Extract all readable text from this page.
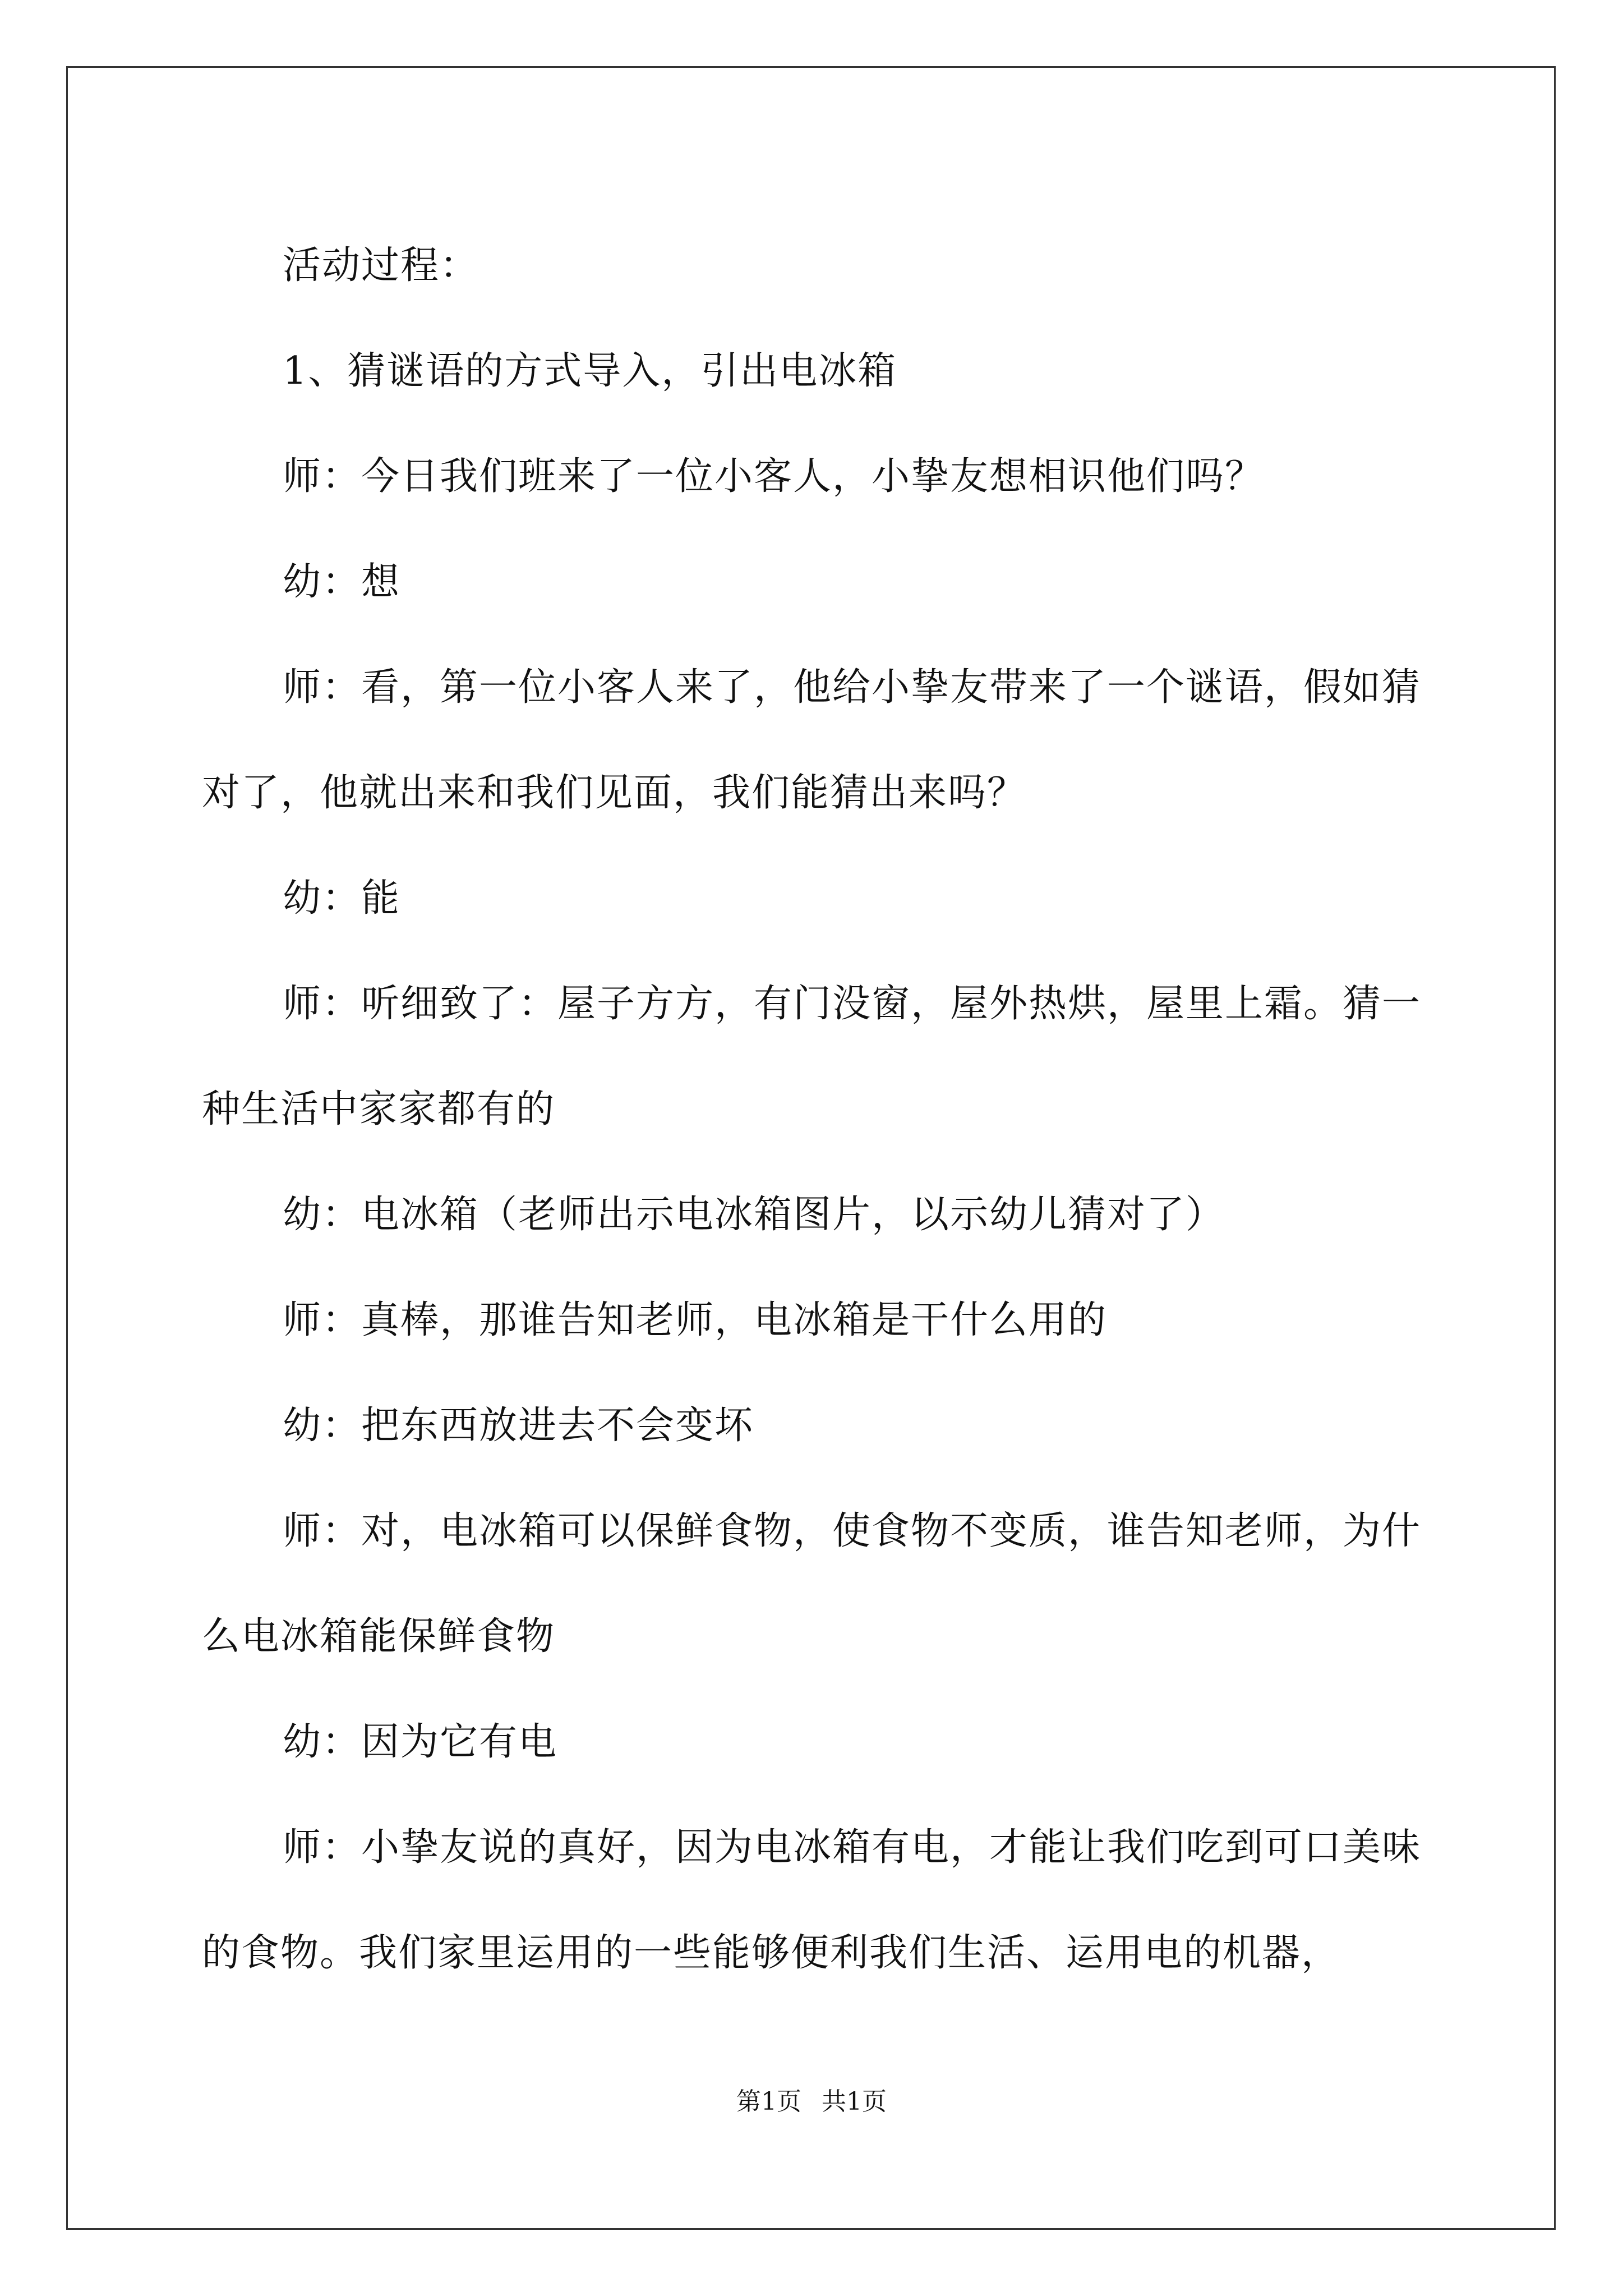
活动过程：

1、猜谜语的方式导入，引出电冰箱

师：今日我们班来了一位小客人，小挚友想相识他们吗？

幼：想

师：看，第一位小客人来了，他给小挚友带来了一个谜语，假如猜对了，他就出来和我们见面，我们能猜出来吗？

幼：能

师：听细致了：屋子方方，有门没窗，屋外热烘，屋里上霜。猜一种生活中家家都有的

幼：电冰箱（老师出示电冰箱图片，以示幼儿猜对了）

师：真棒，那谁告知老师，电冰箱是干什么用的

幼：把东西放进去不会变坏

师：对，电冰箱可以保鲜食物，使食物不变质，谁告知老师，为什么电冰箱能保鲜食物

幼：因为它有电

师：小挚友说的真好，因为电冰箱有电，才能让我们吃到可口美味的食物。我们家里运用的一些能够便利我们生活、运用电的机器，

第1页 共1页
